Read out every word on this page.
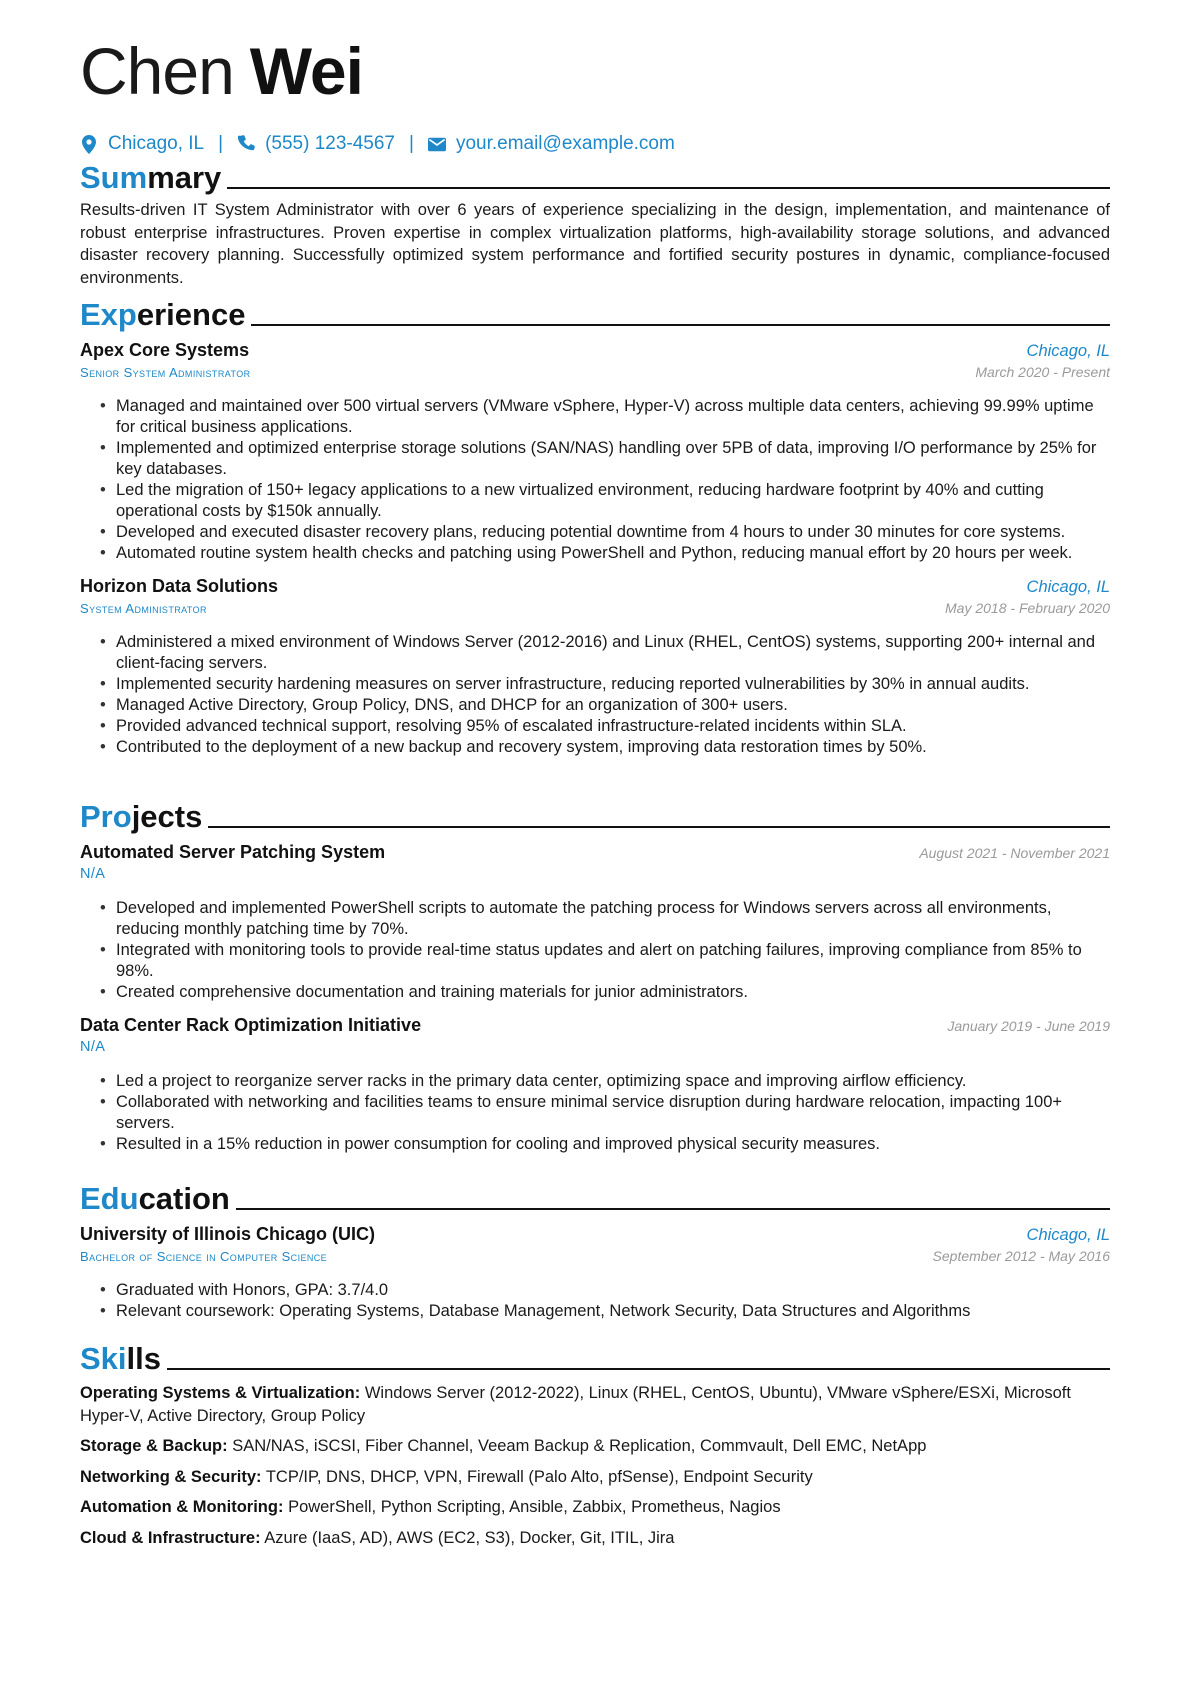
Chen Wei
Chicago, IL | (555) 123-4567 | your.email@example.com
Summary
Results-driven IT System Administrator with over 6 years of experience specializing in the design, implementation, and maintenance of robust enterprise infrastructures. Proven expertise in complex virtualization platforms, high-availability storage solutions, and advanced disaster recovery planning. Successfully optimized system performance and fortified security postures in dynamic, compliance-focused environments.
Experience
Apex Core Systems	Chicago, IL
Senior System Administrator	March 2020 - Present
• Managed and maintained over 500 virtual servers (VMware vSphere, Hyper-V) across multiple data centers, achieving 99.99% uptime for critical business applications.
• Implemented and optimized enterprise storage solutions (SAN/NAS) handling over 5PB of data, improving I/O performance by 25% for key databases.
• Led the migration of 150+ legacy applications to a new virtualized environment, reducing hardware footprint by 40% and cutting operational costs by $150k annually.
• Developed and executed disaster recovery plans, reducing potential downtime from 4 hours to under 30 minutes for core systems.
• Automated routine system health checks and patching using PowerShell and Python, reducing manual effort by 20 hours per week.
Horizon Data Solutions	Chicago, IL
System Administrator	May 2018 - February 2020
• Administered a mixed environment of Windows Server (2012-2016) and Linux (RHEL, CentOS) systems, supporting 200+ internal and client-facing servers.
• Implemented security hardening measures on server infrastructure, reducing reported vulnerabilities by 30% in annual audits.
• Managed Active Directory, Group Policy, DNS, and DHCP for an organization of 300+ users.
• Provided advanced technical support, resolving 95% of escalated infrastructure-related incidents within SLA.
• Contributed to the deployment of a new backup and recovery system, improving data restoration times by 50%.
Projects
Automated Server Patching System	August 2021 - November 2021
N/A
• Developed and implemented PowerShell scripts to automate the patching process for Windows servers across all environments, reducing monthly patching time by 70%.
• Integrated with monitoring tools to provide real-time status updates and alert on patching failures, improving compliance from 85% to 98%.
• Created comprehensive documentation and training materials for junior administrators.
Data Center Rack Optimization Initiative	January 2019 - June 2019
N/A
• Led a project to reorganize server racks in the primary data center, optimizing space and improving airflow efficiency.
• Collaborated with networking and facilities teams to ensure minimal service disruption during hardware relocation, impacting 100+ servers.
• Resulted in a 15% reduction in power consumption for cooling and improved physical security measures.
Education
University of Illinois Chicago (UIC)	Chicago, IL
Bachelor of Science in Computer Science	September 2012 - May 2016
• Graduated with Honors, GPA: 3.7/4.0
• Relevant coursework: Operating Systems, Database Management, Network Security, Data Structures and Algorithms
Skills
Operating Systems & Virtualization: Windows Server (2012-2022), Linux (RHEL, CentOS, Ubuntu), VMware vSphere/ESXi, Microsoft Hyper-V, Active Directory, Group Policy
Storage & Backup: SAN/NAS, iSCSI, Fiber Channel, Veeam Backup & Replication, Commvault, Dell EMC, NetApp
Networking & Security: TCP/IP, DNS, DHCP, VPN, Firewall (Palo Alto, pfSense), Endpoint Security
Automation & Monitoring: PowerShell, Python Scripting, Ansible, Zabbix, Prometheus, Nagios
Cloud & Infrastructure: Azure (IaaS, AD), AWS (EC2, S3), Docker, Git, ITIL, Jira
